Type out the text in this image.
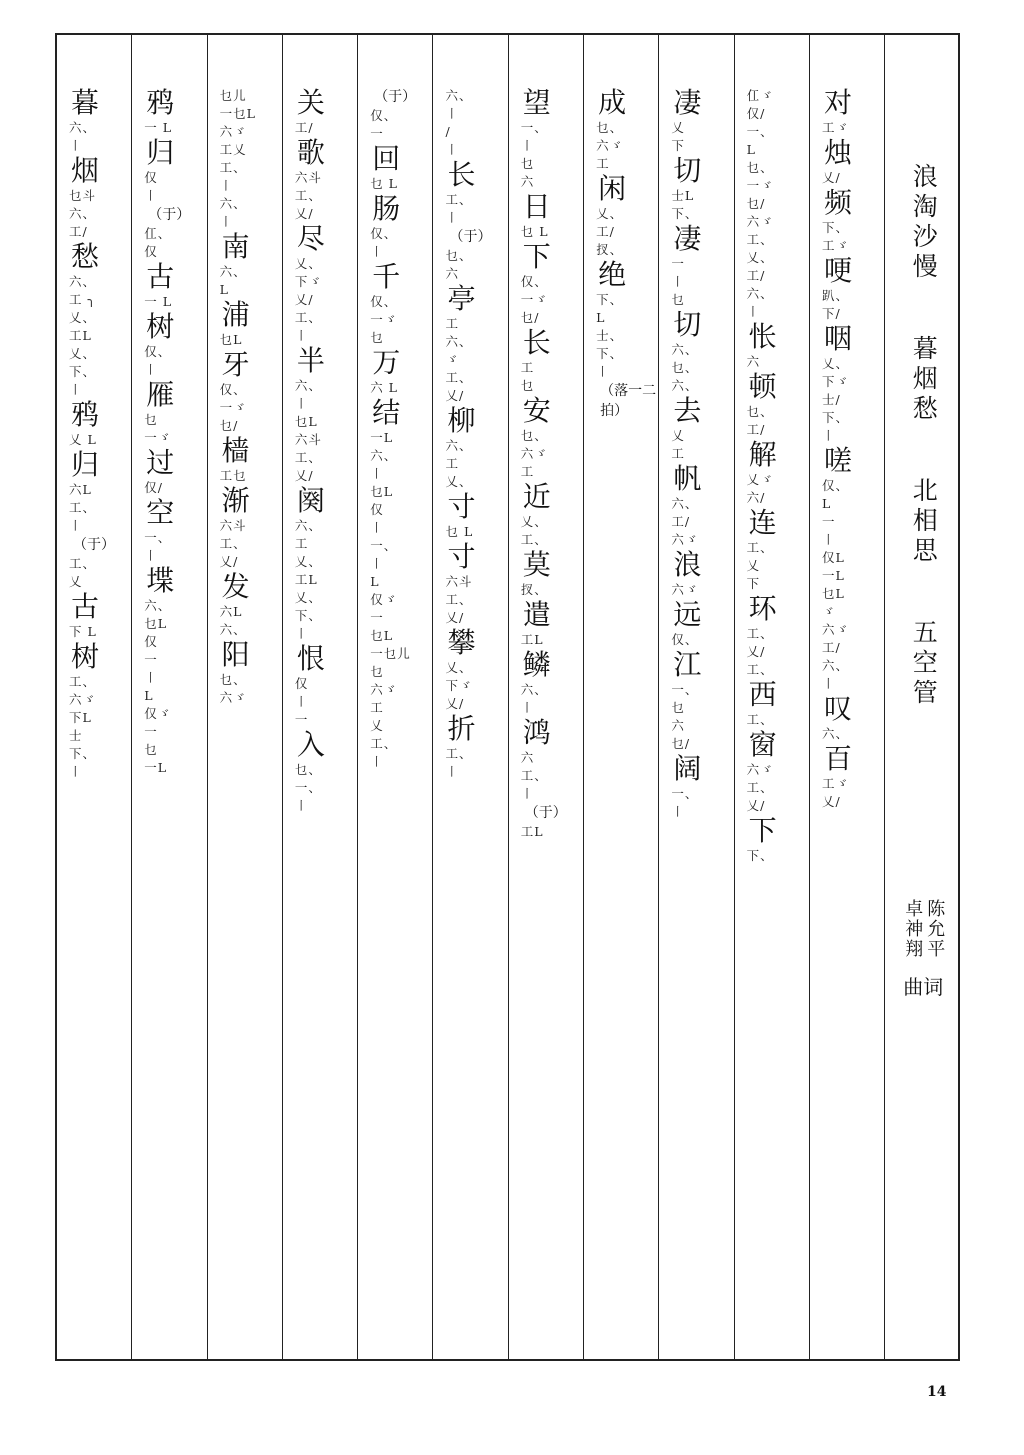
暮
六、
〡
烟
乜斗
六、
工/
愁
六、
工 ╮
乂、
工L
乂、
下、
〡
鸦
乂 L
归
六L
工、
〡
（于）
工、
乂
古
下 L
树
工、
六ゞ
下L
士
下、
〡
鸦
一 L
归
仅
〡
（于）
仜、
仅
古
一 L
树
仅、
〡
雁
乜
一ゞ
过
仅/
空
一、
〡
堞
六、
乜L
仅
一
〡
L
仅ゞ
一
乜
一L
乜儿
一乜L
六ゞ
工乂
工、
〡
六、
〡
南
六、
L
浦
乜L
牙
仅、
一ゞ
乜/
樯
工乜
渐
六斗
工、
乂/
发
六L
六、
阳
乜、
六ゞ
关
工/
歌
六斗
工、
乂/
尽
乂、
下ゞ
乂/
工、
〡
半
六、
〡
乜L
六斗
工、
乂/
阕
六、
工
乂、
工L
乂、
下、
〡
恨
仅
〡
一
入
乜、
一、
〡
（于）
仅、
一
回
乜 L
肠
仅、
〡
千
仅、
一ゞ
乜
万
六 L
结
一L
六、
〡
乜L
仅
〡
一、
〡
L
仅ゞ
一
乜L
一乜儿
乜
六ゞ
工
乂
工、
〡
六、
〡
/
〡
长
工、
〡
（于）
乜、
六
亭
工
六、
ゞ
工、
乂/
柳
六、
工
乂、
寸
乜 L
寸
六斗
工、
乂/
攀
乂、
下ゞ
乂/
折
工、
〡
望
一、
〡
乜
六
日
乜 L
下
仅、
一ゞ
乜/
长
工
乜
安
乜、
六ゞ
工
近
乂、
工、
莫
扠、
遣
工L
鳞
六、
〡
鸿
六
工、
〡
（于）
工L
成
乜、
六ゞ
工
闲
乂、
工/
扠、
绝
下、
L
士、
下、
〡
（落一二拍）
凄
乂
下
切
士L
下、
凄
一
〡
乜
切
六、
乜、
六、
去
乂
工
帆
六、
工/
六ゞ
浪
六ゞ
远
仅、
江
一、
乜
六
乜/
阔
一、
〡
仜ゞ
仅/
一、
L
乜、
一ゞ
乜/
六ゞ
工、
乂、
工/
六、
〡
怅
六
顿
乜、
工/
解
乂ゞ
六/
连
工、
乂
下
环
工、
乂/
工、
西
工、
窗
六ゞ
工、
乂/
下
下、
对
工ゞ
烛
乂/
频
下、
工ゞ
哽
趴、
下/
咽
乂、
下ゞ
士/
下、
〡
嗟
仅、
L
一
〡
仅L
一L
乜L
ゞ
六ゞ
工/
六、
〡
叹
六、
百
工ゞ
乂/
浪淘沙慢
暮烟愁
北相思
五空管
陈允平
卓神翔
曲词
14
